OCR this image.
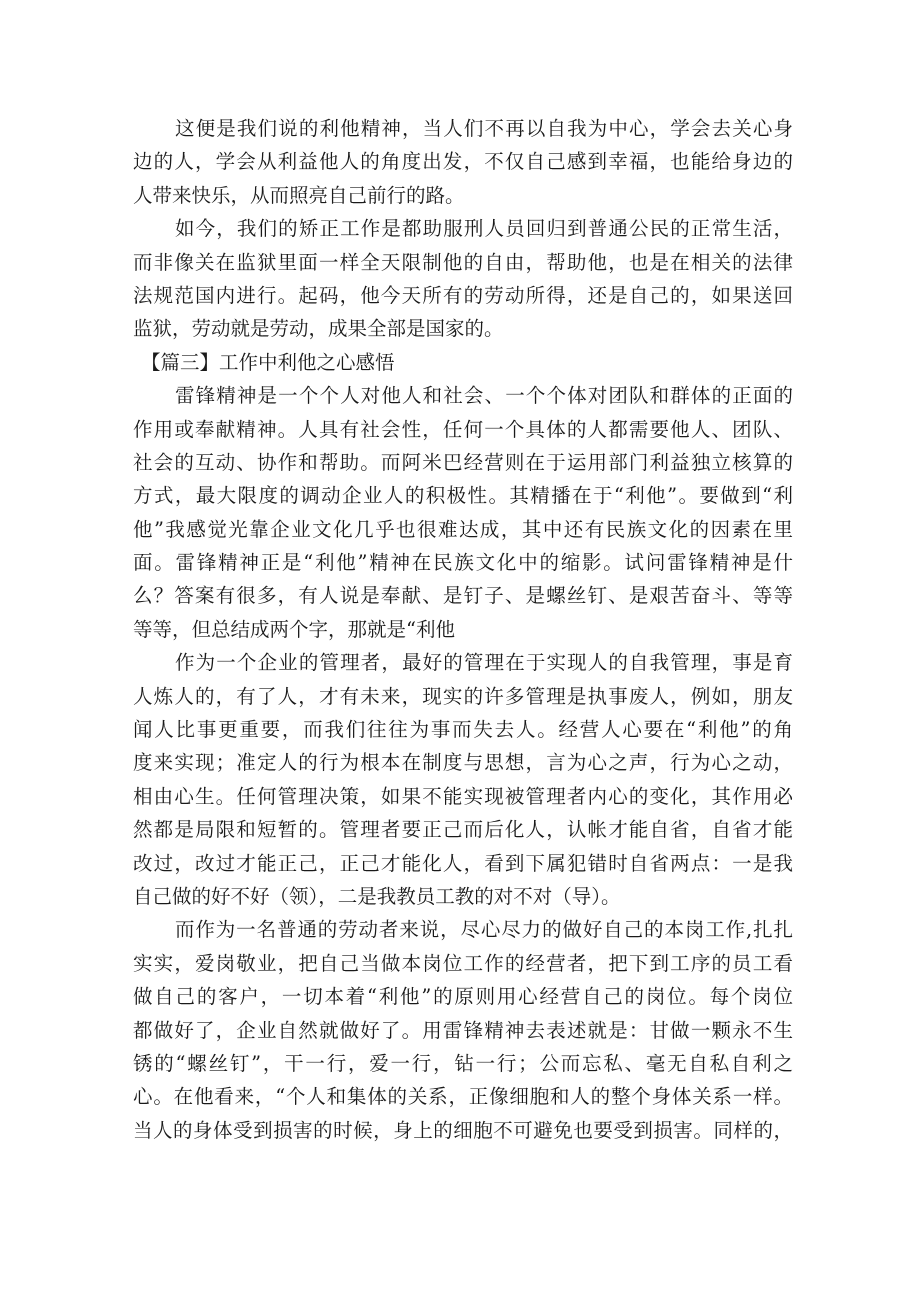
这便是我们说的利他精神，当人们不再以自我为中心，学会去关心身
边的人，学会从利益他人的角度出发，不仅自己感到幸福，也能给身边的
人带来快乐，从而照亮自己前行的路。
如今，我们的矫正工作是都助服刑人员回归到普通公民的正常生活，
而非像关在监狱里面一样全天限制他的自由，帮助他，也是在相关的法律
法规范国内进行。起码，他今天所有的劳动所得，还是自己的，如果送回
监狱，劳动就是劳动，成果全部是国家的。
【篇三】工作中利他之心感悟
雷锋精神是一个个人对他人和社会、一个个体对团队和群体的正面的
作用或奉献精神。人具有社会性，任何一个具体的人都需要他人、团队、
社会的互动、协作和帮助。而阿米巴经营则在于运用部门利益独立核算的
方式，最大限度的调动企业人的积极性。其精播在于“利他”。要做到“利
他”我感觉光靠企业文化几乎也很难达成，其中还有民族文化的因素在里
面。雷锋精神正是“利他”精神在民族文化中的缩影。试问雷锋精神是什
么？答案有很多，有人说是奉献、是钉子、是螺丝钉、是艰苦奋斗、等等
等等，但总结成两个字，那就是“利他
作为一个企业的管理者，最好的管理在于实现人的自我管理，事是育
人炼人的，有了人，才有未来，现实的许多管理是执事废人，例如，朋友
闻人比事更重要，而我们往往为事而失去人。经营人心要在“利他”的角
度来实现；准定人的行为根本在制度与思想，言为心之声，行为心之动，
相由心生。任何管理决策，如果不能实现被管理者内心的变化，其作用必
然都是局限和短暂的。管理者要正己而后化人，认帐才能自省，自省才能
改过，改过才能正己，正己才能化人，看到下属犯错时自省两点：一是我
自己做的好不好（领），二是我教员工教的对不对（导）。
而作为一名普通的劳动者来说，尽心尽力的做好自己的本岗工作,扎扎
实实，爱岗敬业，把自己当做本岗位工作的经营者，把下到工序的员工看
做自己的客户，一切本着“利他”的原则用心经营自己的岗位。每个岗位
都做好了，企业自然就做好了。用雷锋精神去表述就是：甘做一颗永不生
锈的“螺丝钉”，干一行，爱一行，钻一行；公而忘私、毫无自私自利之
心。在他看来，“个人和集体的关系，正像细胞和人的整个身体关系一样。
当人的身体受到损害的时候，身上的细胞不可避免也要受到损害。同样的，
